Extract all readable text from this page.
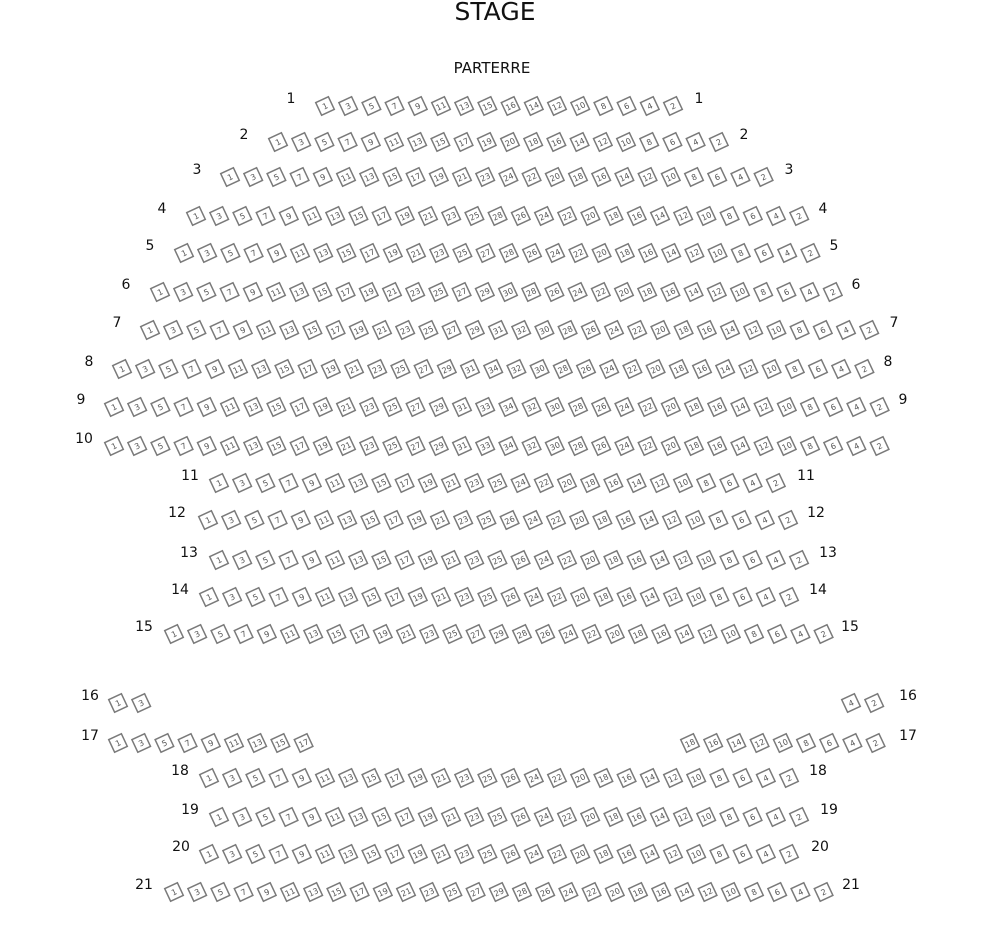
STAGE
PARTERRE
1	1
1 3 5 7 9 11 13 15 16 14 12 10 8 6 4 2
2	2
1 3 5 7 9 11 13 15 17 19 20 18 16 14 12 10 8 6 4 2
3	3
1 3 5 7 9 11 13 15 17 19 21 23 24 22 20 18 16 14 12 10 8 6 4 2
4	4
1 3 5 7 9 11 13 15 17 19 21 23 25 28 26 24 22 20 18 16 14 12 10 8 6 4 2
5	5
1 3 5 7 9 11 13 15 17 19 21 23 25 27 28 26 24 22 20 18 16 14 12 10 8 6 4 2
6	6
1 3 5 7 9 11 13 15 17 19 21 23 25 27 29 30 28 26 24 22 20 18 16 14 12 10 8 6 4 2
7	7
1 3 5 7 9 11 13 15 17 19 21 23 25 27 29 31 32 30 28 26 24 22 20 18 16 14 12 10 8 6 4 2
8	8
1 3 5 7 9 11 13 15 17 19 21 23 25 27 29 31 34 32 30 28 26 24 22 20 18 16 14 12 10 8 6 4 2
9	9
1 3 5 7 9 11 13 15 17 19 21 23 25 27 29 31 33 34 32 30 28 26 24 22 20 18 16 14 12 10 8 6 4 2
10 1 3 5 7 9 11 13 15 17 19 21 23 25 27 29 31 33 34 32 30 28 26 24 22 20 18 16 14 12 10 8 6 4 2
11	11
1 3 5 7 9 11 13 15 17 19 21 23 25 24 22 20 18 16 14 12 10 8 6 4 2
12	12
1 3 5 7 9 11 13 15 17 19 21 23 25 26 24 22 20 18 16 14 12 10 8 6 4 2
13	13
1 3 5 7 9 11 13 15 17 19 21 23 25 26 24 22 20 18 16 14 12 10 8 6 4 2
14	14
1 3 5 7 9 11 13 15 17 19 21 23 25 26 24 22 20 18 16 14 12 10 8 6 4 2
15	15
1 3 5 7 9 11 13 15 17 19 21 23 25 27 29 28 26 24 22 20 18 16 14 12 10 8 6 4 2
16	16
1 3	4 2
17	17
1 3 5 7 9 11 13 15 17	18 16 14 12 10 8 6 4 2
18	18
1 3 5 7 9 11 13 15 17 19 21 23 25 26 24 22 20 18 16 14 12 10 8 6 4 2
19	19
1 3 5 7 9 11 13 15 17 19 21 23 25 26 24 22 20 18 16 14 12 10 8 6 4 2
20	20
1 3 5 7 9 11 13 15 17 19 21 23 25 26 24 22 20 18 16 14 12 10 8 6 4 2
21	21
1 3 5 7 9 11 13 15 17 19 21 23 25 27 29 28 26 24 22 20 18 16 14 12 10 8 6 4 2
